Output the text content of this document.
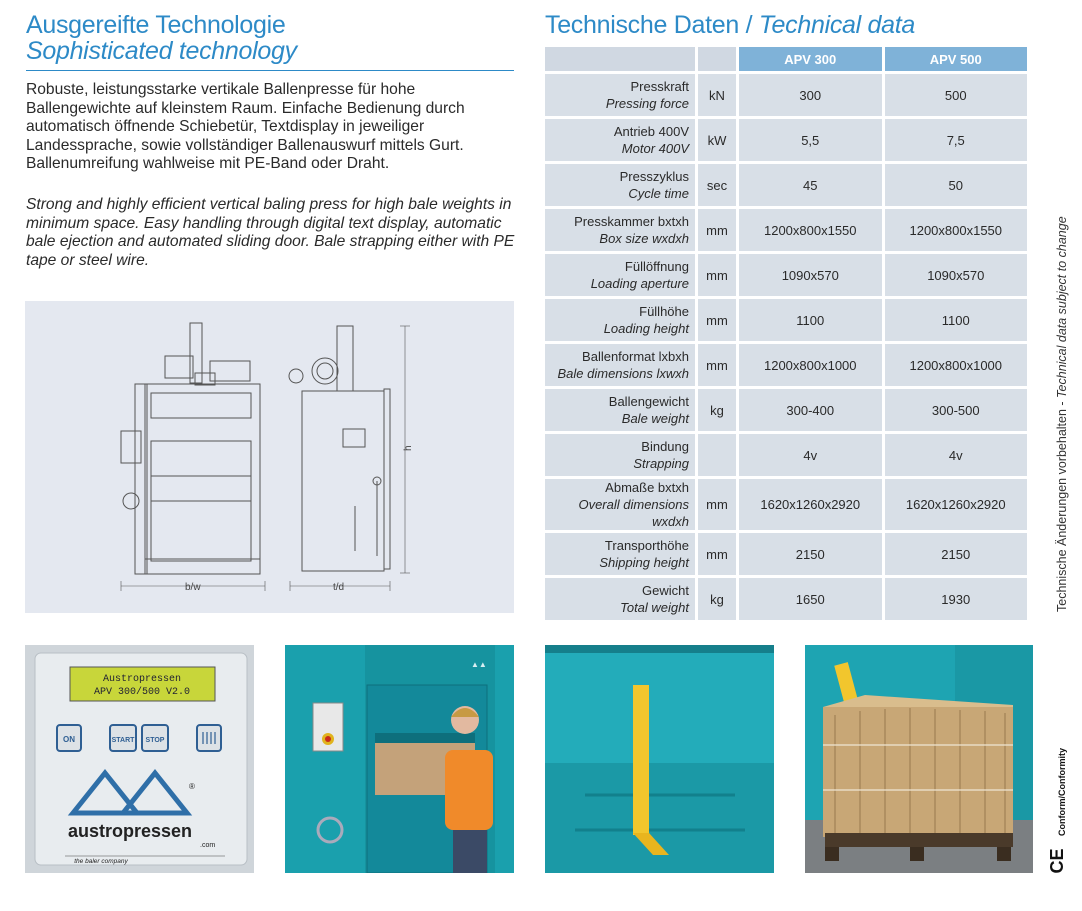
Ausgereifte Technologie
Sophisticated technology

Robuste, leistungsstarke vertikale Ballenpresse für hohe Ballengewichte auf kleinstem Raum. Einfache Bedienung durch automatisch öffnende Schiebetür, Textdisplay in jeweiliger Landessprache, sowie vollständiger Ballenauswurf mittels Gurt. Ballenumreifung wahlweise mit PE-Band oder Draht.

Strong and highly efficient vertical baling press for high bale weights in minimum space. Easy handling through digital text display, automatic bale ejection and automated sliding door. Bale strapping either with PE tape or steel wire.

b/w	t/d
h
Technische Daten / Technical data
		APV 300	APV 500

Presskraft
Pressing force	kN	300	500

Antrieb 400V
Motor 400V	kW	5,5	7,5

Presszyklus
Cycle time	sec	45	50

Presskammer bxtxh
Box size wxdxh	mm	1200x800x1550	1200x800x1550

Füllöffnung
Loading aperture	mm	1090x570	1090x570

Füllhöhe
Loading height	mm	1100	1100

Ballenformat lxbxh
Bale dimensions lxwxh	mm	1200x800x1000	1200x800x1000

Ballengewicht
Bale weight	kg	300-400	300-500

Bindung
Strapping		4v	4v

Abmaße bxtxh
Overall dimensions wxdxh	mm	1620x1260x2920	1620x1260x2920

Transporthöhe
Shipping height	mm	2150	2150

Gewicht
Total weight	kg	1650	1930	Technische Änderungen vorbehalten - Technical data subject to change
Conform/Conformity
CE
Austropressen
APV 300/500 V2.0
ON	START STOP
®
austropressen
.com
the baler company
▲▲
